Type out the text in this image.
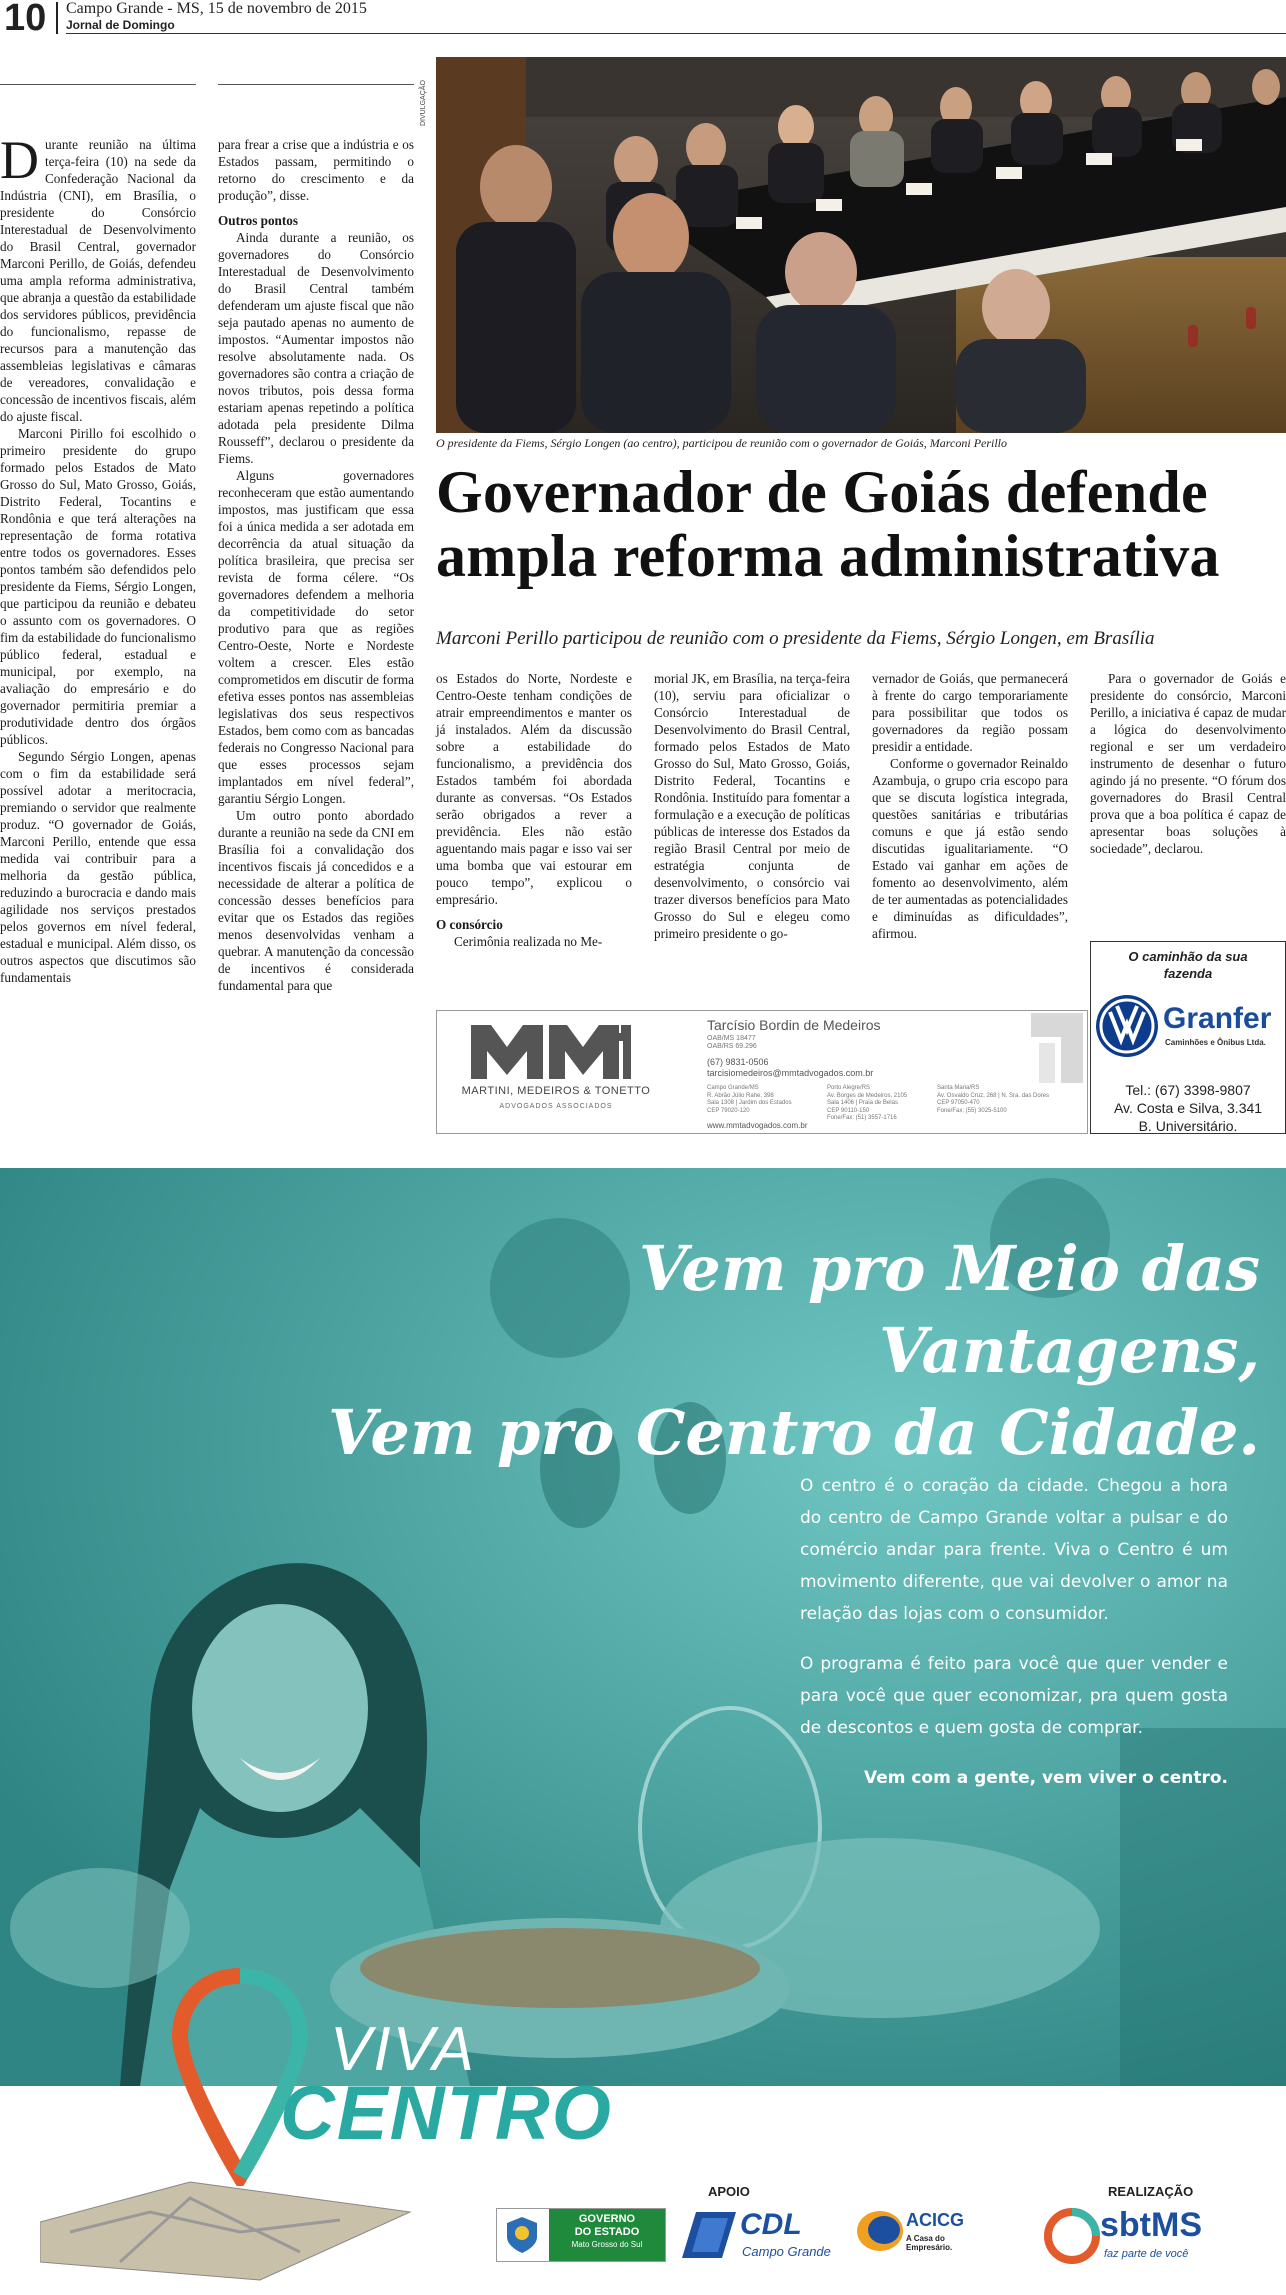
10 Campo Grande - MS, 15 de novembro de 2015
Jornal de Domingo

Durante reunião na última terça-feira (10) na sede da Confederação Nacional da Indústria (CNI), em Brasília, o presidente do Consórcio Interestadual de Desenvolvimento do Brasil Central, governador Marconi Perillo, de Goiás, defendeu uma ampla reforma administrativa, que abranja a questão da estabilidade dos servidores públicos, previdência do funcionalismo, repasse de recursos para a manutenção das assembleias legislativas e câmaras de vereadores, convalidação e concessão de incentivos fiscais, além do ajuste fiscal.

Marconi Pirillo foi escolhido o primeiro presidente do grupo formado pelos Estados de Mato Grosso do Sul, Mato Grosso, Goiás, Distrito Federal, Tocantins e Rondônia e que terá alterações na representação de forma rotativa entre todos os governadores. Esses pontos também são defendidos pelo presidente da Fiems, Sérgio Longen, que participou da reunião e debateu o assunto com os governadores. O fim da estabilidade do funcionalismo público federal, estadual e municipal, por exemplo, na avaliação do empresário e do governador permitiria premiar a produtividade dentro dos órgãos públicos.

Segundo Sérgio Longen, apenas com o fim da estabilidade será possível adotar a meritocracia, premiando o servidor que realmente produz. “O governador de Goiás, Marconi Perillo, entende que essa medida vai contribuir para a melhoria da gestão pública, reduzindo a burocracia e dando mais agilidade nos serviços prestados pelos governos em nível federal, estadual e municipal. Além disso, os outros aspectos que discutimos são fundamentais

para frear a crise que a indústria e os Estados passam, permitindo o retorno do crescimento e da produção”, disse.

Outros pontos

Ainda durante a reunião, os governadores do Consórcio Interestadual de Desenvolvimento do Brasil Central também defenderam um ajuste fiscal que não seja pautado apenas no aumento de impostos. “Aumentar impostos não resolve absolutamente nada. Os governadores são contra a criação de novos tributos, pois dessa forma estariam apenas repetindo a política adotada pela presidente Dilma Rousseff”, declarou o presidente da Fiems.

Alguns governadores reconheceram que estão aumentando impostos, mas justificam que essa foi a única medida a ser adotada em decorrência da atual situação da política brasileira, que precisa ser revista de forma célere. “Os governadores defendem a melhoria da competitividade do setor produtivo para que as regiões Centro-Oeste, Norte e Nordeste voltem a crescer. Eles estão comprometidos em discutir de forma efetiva esses pontos nas assembleias legislativas dos seus respectivos Estados, bem como com as bancadas federais no Congresso Nacional para que esses processos sejam implantados em nível federal”, garantiu Sérgio Longen.

Um outro ponto abordado durante a reunião na sede da CNI em Brasília foi a convalidação dos incentivos fiscais já concedidos e a necessidade de alterar a política de concessão desses benefícios para evitar que os Estados das regiões menos desenvolvidas venham a quebrar. A manutenção da concessão de incentivos é considerada fundamental para que

DIVULGAÇÃO
O presidente da Fiems, Sérgio Longen (ao centro), participou de reunião com o governador de Goiás, Marconi Perillo
Governador de Goiás defende ampla reforma administrativa
Marconi Perillo participou de reunião com o presidente da Fiems, Sérgio Longen, em Brasília

os Estados do Norte, Nordeste e Centro-Oeste tenham condições de atrair empreendimentos e manter os já instalados. Além da discussão sobre a estabilidade do funcionalismo, a previdência dos Estados também foi abordada durante as conversas. “Os Estados serão obrigados a rever a previdência. Eles não estão aguentando mais pagar e isso vai ser uma bomba que vai estourar em pouco tempo”, explicou o empresário.

O consórcio

Cerimônia realizada no Me-

morial JK, em Brasília, na terça-feira (10), serviu para oficializar o Consórcio Interestadual de Desenvolvimento do Brasil Central, formado pelos Estados de Mato Grosso do Sul, Mato Grosso, Goiás, Distrito Federal, Tocantins e Rondônia. Instituído para fomentar a formulação e a execução de políticas públicas de interesse dos Estados da região Brasil Central por meio de estratégia conjunta de desenvolvimento, o consórcio vai trazer diversos benefícios para Mato Grosso do Sul e elegeu como primeiro presidente o go-

vernador de Goiás, que permanecerá à frente do cargo temporariamente para possibilitar que todos os governadores da região possam presidir a entidade.

Conforme o governador Reinaldo Azambuja, o grupo cria escopo para que se discuta logística integrada, questões sanitárias e tributárias comuns e que já estão sendo discutidas igualitariamente. “O Estado vai ganhar em ações de fomento ao desenvolvimento, além de ter aumentadas as potencialidades e diminuídas as dificuldades”, afirmou.

Para o governador de Goiás e presidente do consórcio, Marconi Perillo, a iniciativa é capaz de mudar a lógica do desenvolvimento regional e ser um verdadeiro instrumento de desenhar o futuro agindo já no presente. “O fórum dos governadores do Brasil Central prova que a boa política é capaz de apresentar boas soluções à sociedade”, declarou.

MARTINI, MEDEIROS & TONETTO
ADVOGADOS ASSOCIADOS
Tarcísio Bordin de Medeiros
OAB/MS 18477
OAB/RS 69.296
(67) 9831-0506
tarcisiomedeiros@mmtadvogados.com.br
Campo Grande/MS
R. Abrão Júlio Rahe, 398
Sala 1308 | Jardim dos Estados
CEP 79020-120
Porto Alegre/RS
Av. Borges de Medeiros, 2105
Sala 1406 | Praia de Belas
CEP 90110-150
Fone/Fax: (51) 3557-1716
Santa Maria/RS
Av. Osvaldo Cruz, 268 | N. Sra. das Dores
CEP 97050-470
Fone/Fax: (55) 3025-5100
www.mmtadvogados.com.br
O caminhão da sua fazenda
Granfer
Caminhões e Ônibus Ltda.
Tel.: (67) 3398-9807
Av. Costa e Silva, 3.341
B. Universitário.
Vem pro Meio das Vantagens,
Vem pro Centro da Cidade.

O centro é o coração da cidade. Chegou a hora do centro de Campo Grande voltar a pulsar e do comércio andar para frente. Viva o Centro é um movimento diferente, que vai devolver o amor na relação das lojas com o consumidor.

O programa é feito para você que quer vender e para você que quer economizar, pra quem gosta de descontos e quem gosta de comprar.

Vem com a gente, vem viver o centro.

VIVA
CENTRO
APOIO	REALIZAÇÃO
GOVERNO
DO ESTADO
Mato Grosso do Sul
CDL
Campo Grande
ACICG
A Casa do Empresário.
sbtMS
faz parte de você
